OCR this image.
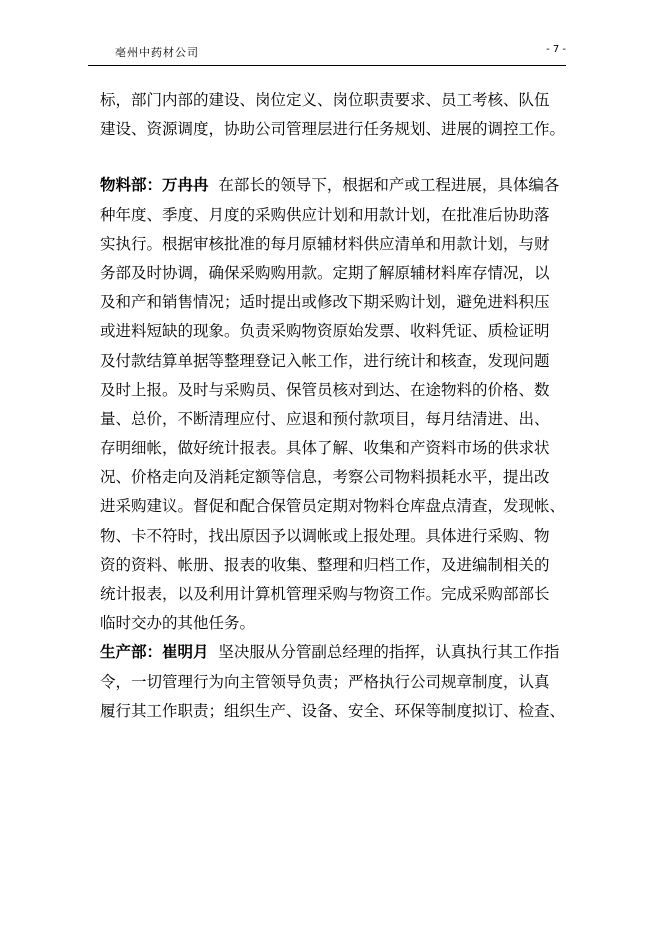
亳州中药材公司	- 7 -
标，部门内部的建设、岗位定义、岗位职责要求、员工考核、队伍
建设、资源调度，协助公司管理层进行任务规划、进展的调控工作。
物料部：万冉冉 在部长的领导下，根据和产或工程进展，具体编各
种年度、季度、月度的采购供应计划和用款计划，在批准后协助落
实执行。根据审核批准的每月原辅材料供应清单和用款计划，与财
务部及时协调，确保采购购用款。定期了解原辅材料库存情况，以
及和产和销售情况；适时提出或修改下期采购计划，避免进料积压
或进料短缺的现象。负责采购物资原始发票、收料凭证、质检证明
及付款结算单据等整理登记入帐工作，进行统计和核查，发现问题
及时上报。及时与采购员、保管员核对到达、在途物料的价格、数
量、总价，不断清理应付、应退和预付款项目，每月结清进、出、
存明细帐，做好统计报表。具体了解、收集和产资料市场的供求状
况、价格走向及消耗定额等信息，考察公司物料损耗水平，提出改
进采购建议。督促和配合保管员定期对物料仓库盘点清查，发现帐、
物、卡不符时，找出原因予以调帐或上报处理。具体进行采购、物
资的资料、帐册、报表的收集、整理和归档工作，及进编制相关的
统计报表，以及利用计算机管理采购与物资工作。完成采购部部长
临时交办的其他任务。
生产部：崔明月 坚决服从分管副总经理的指挥，认真执行其工作指
令，一切管理行为向主管领导负责；严格执行公司规章制度，认真
履行其工作职责；组织生产、设备、安全、环保等制度拟订、检查、
